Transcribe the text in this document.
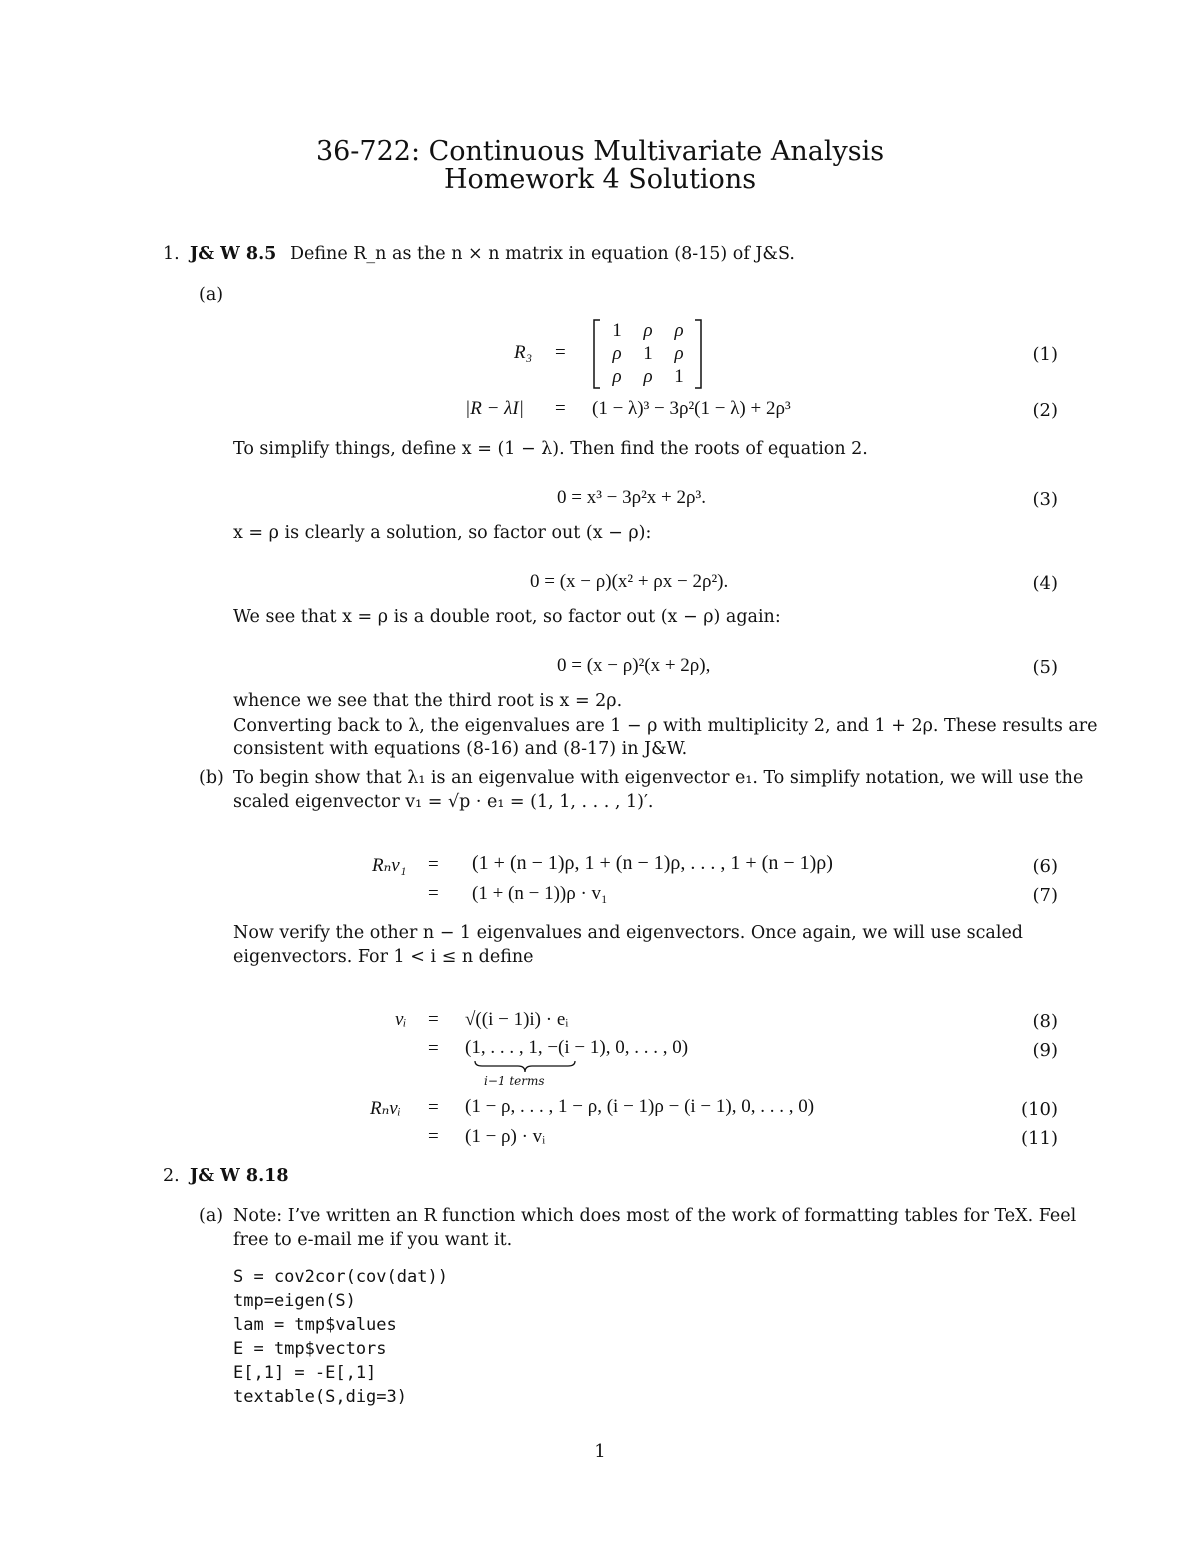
36-722: Continuous Multivariate Analysis
Homework 4 Solutions
1. J& W 8.5 Define R_n as the n × n matrix in equation (8-15) of J&S.
(a)
R₃ =
1	ρ	ρ
ρ	1	ρ
ρ	ρ	1
(1)
|R − λI| = (1 − λ)³ − 3ρ²(1 − λ) + 2ρ³	(2)
To simplify things, define x = (1 − λ). Then find the roots of equation 2.
0 = x³ − 3ρ²x + 2ρ³.	(3)
x = ρ is clearly a solution, so factor out (x − ρ):
0 = (x − ρ)(x² + ρx − 2ρ²).	(4)
We see that x = ρ is a double root, so factor out (x − ρ) again:
0 = (x − ρ)²(x + 2ρ),	(5)
whence we see that the third root is x = 2ρ.
Converting back to λ, the eigenvalues are 1 − ρ with multiplicity 2, and 1 + 2ρ. These results are
consistent with equations (8-16) and (8-17) in J&W.
(b) To begin show that λ₁ is an eigenvalue with eigenvector e₁. To simplify notation, we will use the
scaled eigenvector v₁ = √p · e₁ = (1, 1, . . . , 1)′.
Rₙv₁ = (1 + (n − 1)ρ, 1 + (n − 1)ρ, . . . , 1 + (n − 1)ρ)	(6)
= (1 + (n − 1))ρ · v₁	(7)
Now verify the other n − 1 eigenvalues and eigenvectors. Once again, we will use scaled
eigenvectors. For 1 < i ≤ n define
vᵢ = √((i − 1)i) · eᵢ	(8)
= (1, . . . , 1, −(i − 1), 0, . . . , 0)
i−1 terms
(9)
Rₙvᵢ = (1 − ρ, . . . , 1 − ρ, (i − 1)ρ − (i − 1), 0, . . . , 0)	(10)
= (1 − ρ) · vᵢ	(11)
2. J& W 8.18
(a) Note: I’ve written an R function which does most of the work of formatting tables for TeX. Feel
free to e-mail me if you want it.
S = cov2cor(cov(dat))
tmp=eigen(S)
lam = tmp$values
E = tmp$vectors
E[,1] = -E[,1]
textable(S,dig=3)
1
